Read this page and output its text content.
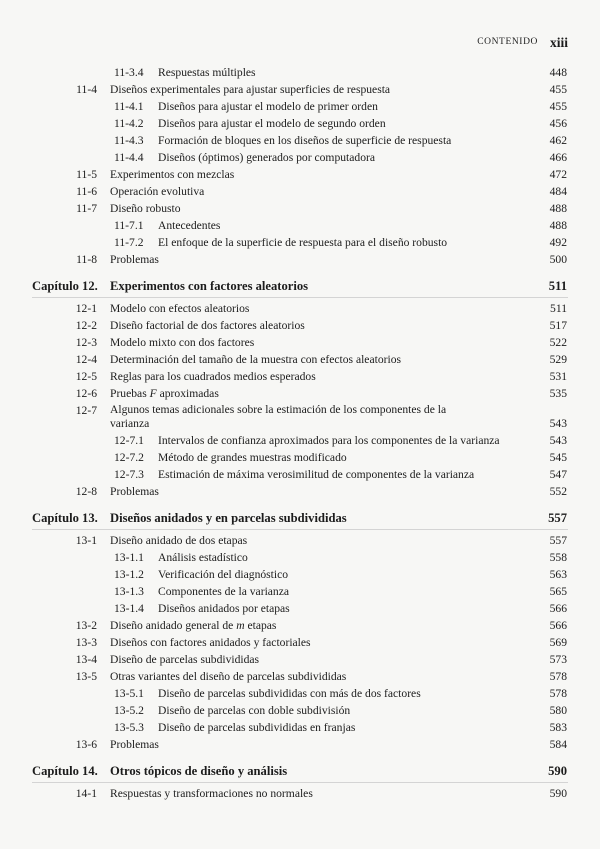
CONTENIDO xiii
11-3.4 Respuestas múltiples	448
11-4 Diseños experimentales para ajustar superficies de respuesta	455
11-4.1 Diseños para ajustar el modelo de primer orden	455
11-4.2 Diseños para ajustar el modelo de segundo orden	456
11-4.3 Formación de bloques en los diseños de superficie de respuesta	462
11-4.4 Diseños (óptimos) generados por computadora	466
11-5 Experimentos con mezclas	472
11-6 Operación evolutiva	484
11-7 Diseño robusto	488
11-7.1 Antecedentes	488
11-7.2 El enfoque de la superficie de respuesta para el diseño robusto	492
11-8 Problemas	500
Capítulo 12. Experimentos con factores aleatorios	511
12-1 Modelo con efectos aleatorios	511
12-2 Diseño factorial de dos factores aleatorios	517
12-3 Modelo mixto con dos factores	522
12-4 Determinación del tamaño de la muestra con efectos aleatorios	529
12-5 Reglas para los cuadrados medios esperados	531
12-6 Pruebas F aproximadas	535
12-7 Algunos temas adicionales sobre la estimación de los componentes de la varianza	543
12-7.1 Intervalos de confianza aproximados para los componentes de la varianza	543
12-7.2 Método de grandes muestras modificado	545
12-7.3 Estimación de máxima verosimilitud de componentes de la varianza	547
12-8 Problemas	552
Capítulo 13. Diseños anidados y en parcelas subdivididas	557
13-1 Diseño anidado de dos etapas	557
13-1.1 Análisis estadístico	558
13-1.2 Verificación del diagnóstico	563
13-1.3 Componentes de la varianza	565
13-1.4 Diseños anidados por etapas	566
13-2 Diseño anidado general de m etapas	566
13-3 Diseños con factores anidados y factoriales	569
13-4 Diseño de parcelas subdivididas	573
13-5 Otras variantes del diseño de parcelas subdivididas	578
13-5.1 Diseño de parcelas subdivididas con más de dos factores	578
13-5.2 Diseño de parcelas con doble subdivisión	580
13-5.3 Diseño de parcelas subdivididas en franjas	583
13-6 Problemas	584
Capítulo 14. Otros tópicos de diseño y análisis	590
14-1 Respuestas y transformaciones no normales	590
